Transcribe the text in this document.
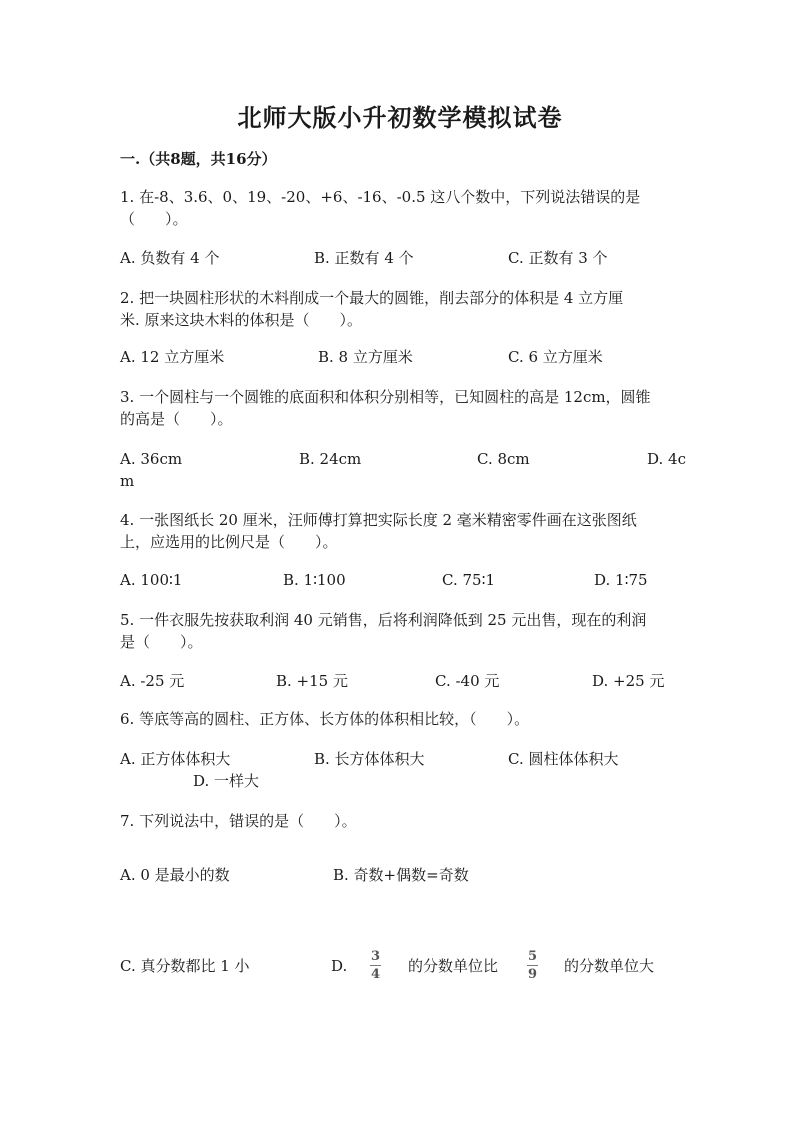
北师大版小升初数学模拟试卷
一.（共8题，共16分）
1. 在-8、3.6、0、19、-20、+6、-16、-0.5 这八个数中，下列说法错误的是
（　　）。
A. 负数有 4 个	B. 正数有 4 个	C. 正数有 3 个
2. 把一块圆柱形状的木料削成一个最大的圆锥，削去部分的体积是 4 立方厘
米. 原来这块木料的体积是（　　）。
A. 12 立方厘米	B. 8 立方厘米	C. 6 立方厘米
3. 一个圆柱与一个圆锥的底面积和体积分别相等，已知圆柱的高是 12cm，圆锥
的高是（　　）。
A. 36cm	B. 24cm	C. 8cm	D. 4c
m
4. 一张图纸长 20 厘米，汪师傅打算把实际长度 2 毫米精密零件画在这张图纸
上，应选用的比例尺是（　　）。
A. 100∶1	B. 1∶100	C. 75∶1	D. 1∶75
5. 一件衣服先按获取利润 40 元销售，后将利润降低到 25 元出售，现在的利润
是（　　）。
A. -25 元	B. +15 元	C. -40 元	D. +25 元
6. 等底等高的圆柱、正方体、长方体的体积相比较，（　　）。
A. 正方体体积大	B. 长方体体积大	C. 圆柱体体积大
D. 一样大
7. 下列说法中，错误的是（　　）。
A. 0 是最小的数	B. 奇数+偶数=奇数
C. 真分数都比 1 小	D.
3
4 的分数单位比
5
9 的分数单位大
